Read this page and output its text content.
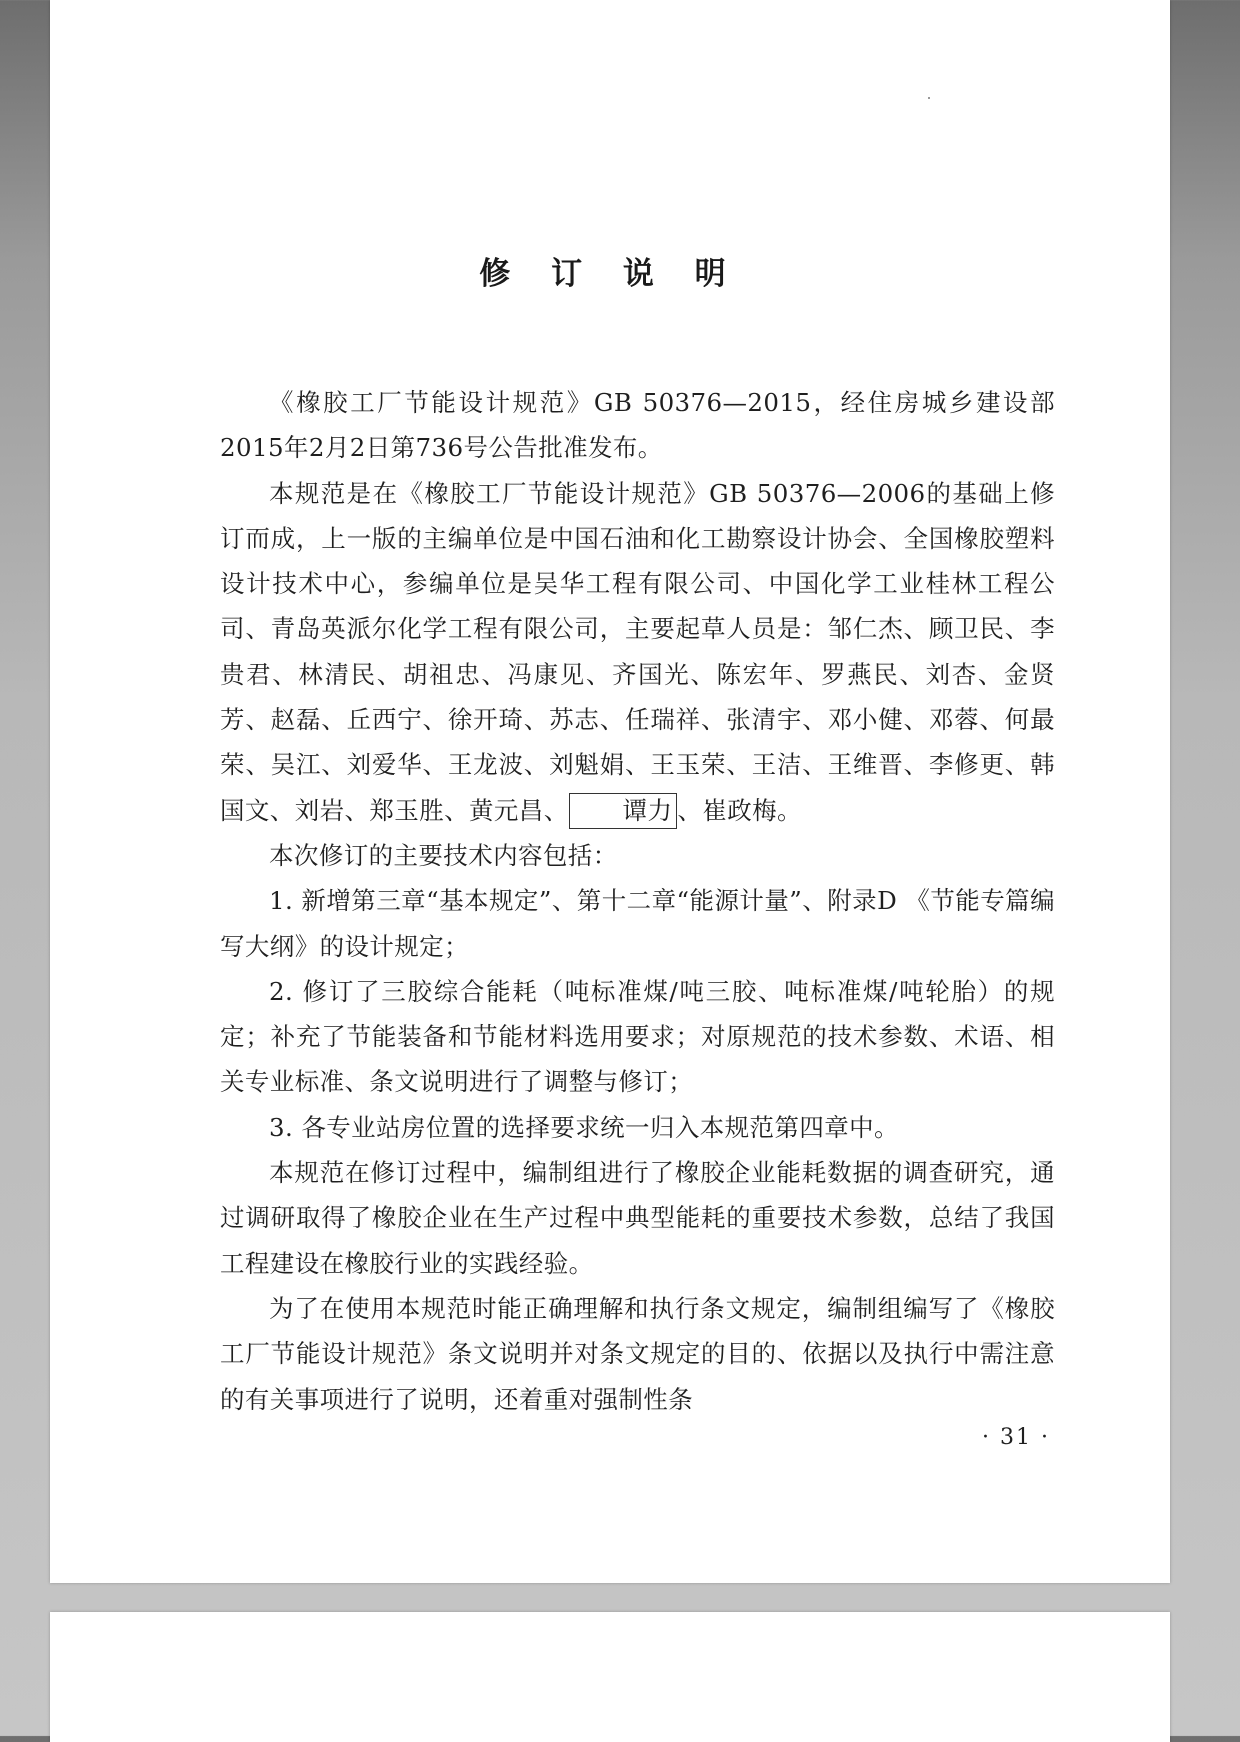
修 订 说 明

《橡胶工厂节能设计规范》GB 50376—2015，经住房城乡建设部2015年2月2日第736号公告批准发布。

本规范是在《橡胶工厂节能设计规范》GB 50376—2006的基础上修订而成，上一版的主编单位是中国石油和化工勘察设计协会、全国橡胶塑料设计技术中心，参编单位是吴华工程有限公司、中国化学工业桂林工程公司、青岛英派尔化学工程有限公司，主要起草人员是：邹仁杰、顾卫民、李贵君、林清民、胡祖忠、冯康见、齐国光、陈宏年、罗燕民、刘杏、金贤芳、赵磊、丘西宁、徐开琦、苏志、任瑞祥、张清宇、邓小健、邓蓉、何最荣、吴江、刘爱华、王龙波、刘魁娟、王玉荣、王洁、王维晋、李修更、韩国文、刘岩、郑玉胜、黄元昌、 谭力 、崔政梅。

本次修订的主要技术内容包括：

1. 新增第三章“基本规定”、第十二章“能源计量”、附录D 《节能专篇编写大纲》的设计规定；

2. 修订了三胶综合能耗（吨标准煤/吨三胶、吨标准煤/吨轮胎）的规定；补充了节能装备和节能材料选用要求；对原规范的技术参数、术语、相关专业标准、条文说明进行了调整与修订；

3. 各专业站房位置的选择要求统一归入本规范第四章中。

本规范在修订过程中，编制组进行了橡胶企业能耗数据的调查研究，通过调研取得了橡胶企业在生产过程中典型能耗的重要技术参数，总结了我国工程建设在橡胶行业的实践经验。

为了在使用本规范时能正确理解和执行条文规定，编制组编写了《橡胶工厂节能设计规范》条文说明并对条文规定的目的、依据以及执行中需注意的有关事项进行了说明，还着重对强制性条

· 31 ·
